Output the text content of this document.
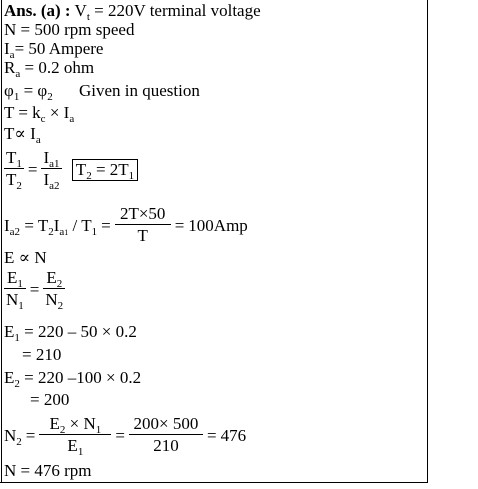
Ans. (a) : $V_t = 220V$ terminal voltage
N = 500 rpm speed
$I_a= 50$ Ampere
$R_a = 0.2$ ohm
$\varphi_1 = \varphi_2$ Given in question
$T = k_c \times I_a$
$T\propto I_a$
$\frac{T_1}{T_2} = \frac{I_{a1}}{I_{a2}} T_2 = 2T_1$
$I_{a2} = T_2I_{a1} / T_1 = \frac{2T\times 50}{T} = 100Amp$
E ∝ N
$\frac{E_1}{N_1} = \frac{E_2}{N_2}$
$E_1 = 220 - 50 \times 0.2$
= 210
$E_2 = 220$ –100 × 0.2
= 200
$N_2 = \frac{E_2 \times N_1}{E_1} = \frac{200\times 500}{210} = 476$
N = 476 rpm
